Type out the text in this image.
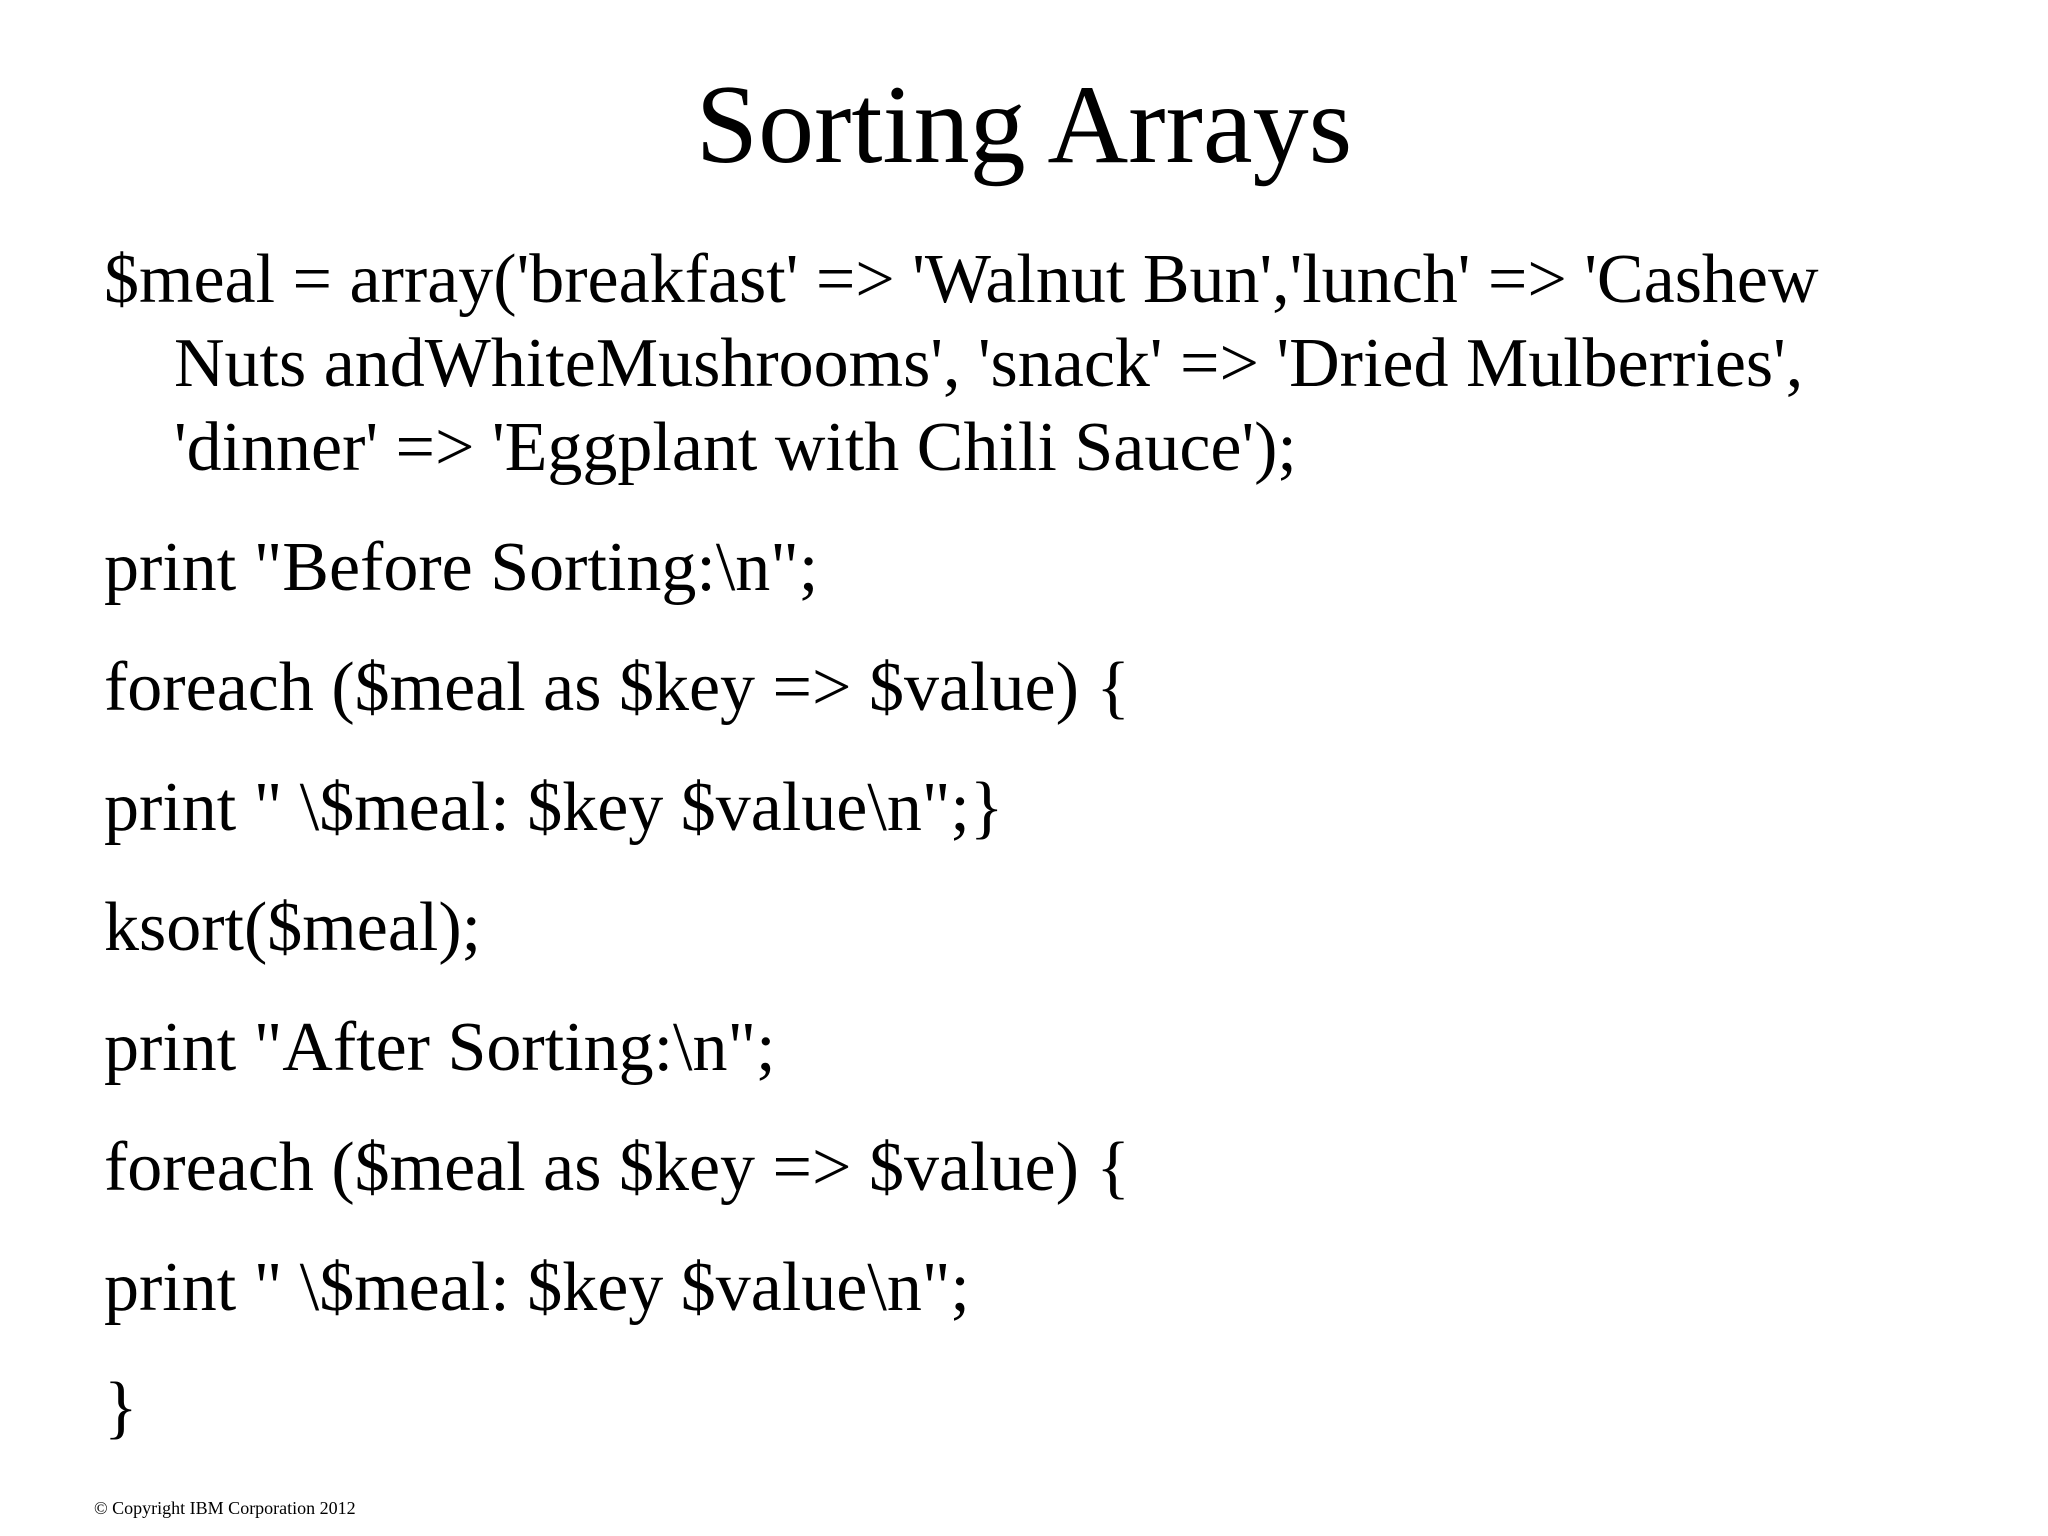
Sorting Arrays
$meal = array('breakfast' => 'Walnut Bun','lunch' => 'Cashew
Nuts andWhiteMushrooms', 'snack' => 'Dried Mulberries',
'dinner' => 'Eggplant with Chili Sauce');
print "Before Sorting:\n";
foreach ($meal as $key => $value) {
print " \$meal: $key $value\n";}
ksort($meal);
print "After Sorting:\n";
foreach ($meal as $key => $value) {
print " \$meal: $key $value\n";
}
© Copyright IBM Corporation 2012
